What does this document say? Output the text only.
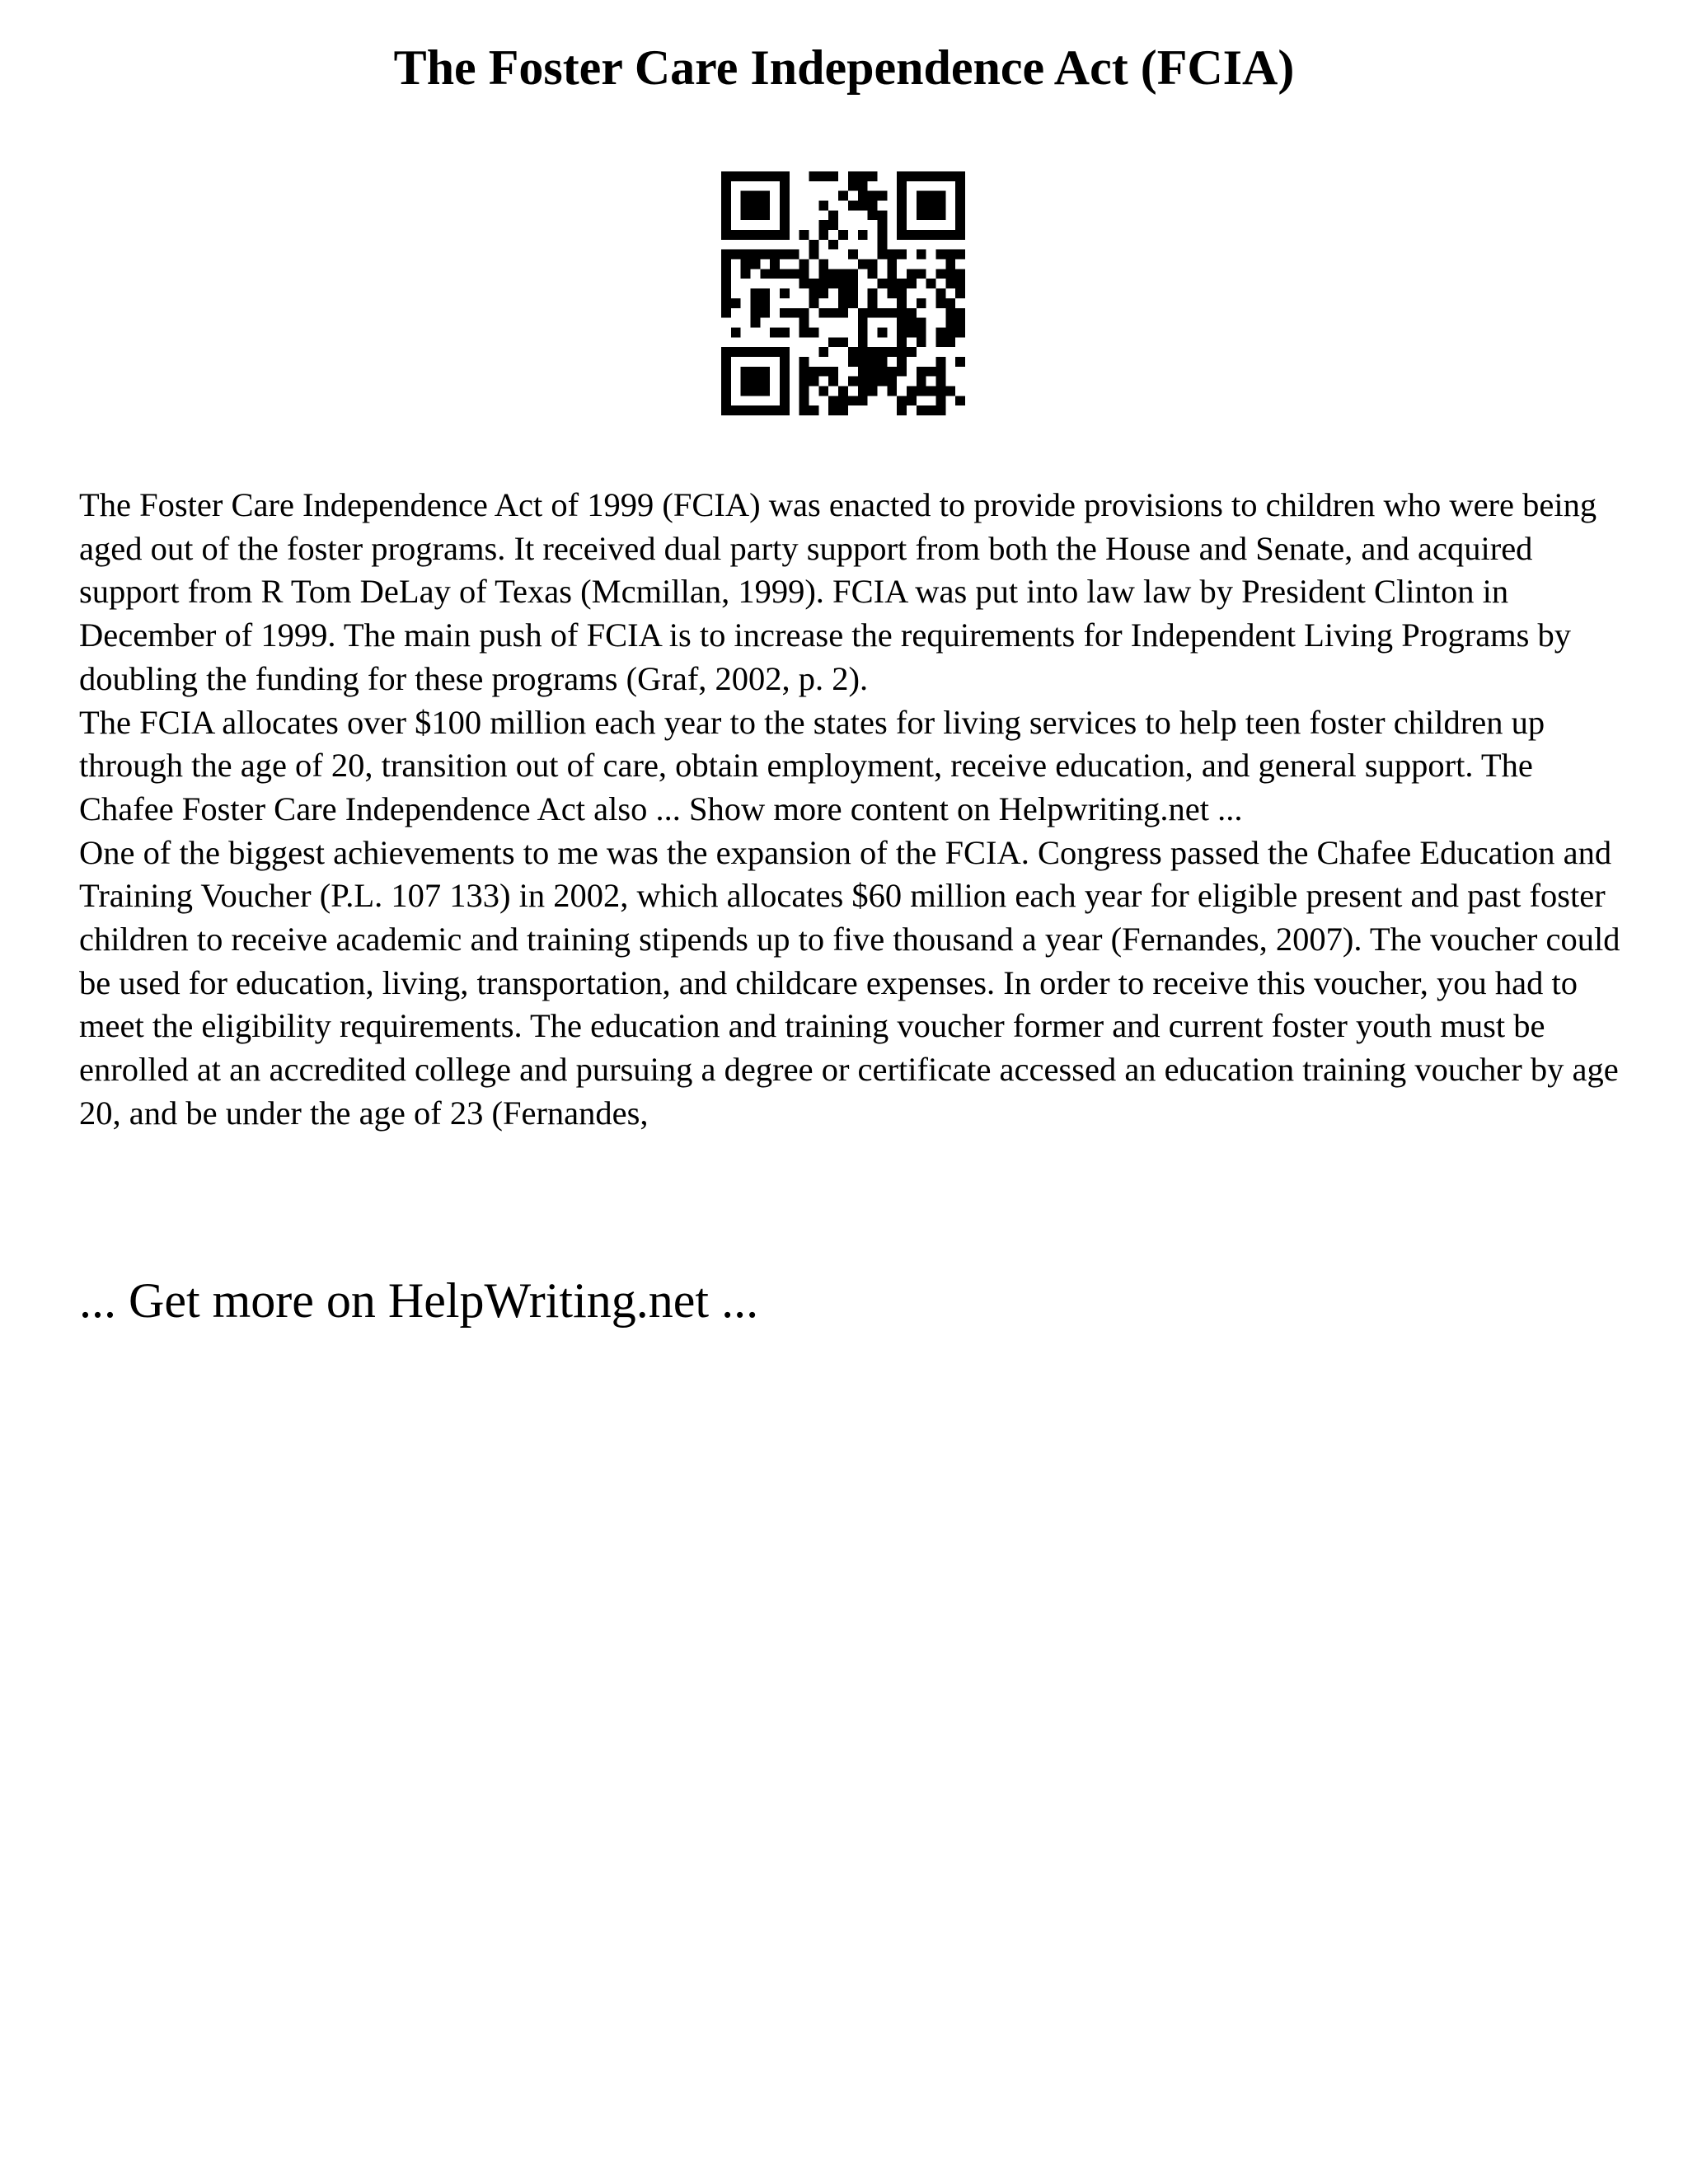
The Foster Care Independence Act (FCIA)

The Foster Care Independence Act of 1999 (FCIA) was enacted to provide provisions to children who were being aged out of the foster programs. It received dual party support from both the House and Senate, and acquired support from R Tom DeLay of Texas (Mcmillan, 1999). FCIA was put into law law by President Clinton in December of 1999. The main push of FCIA is to increase the requirements for Independent Living Programs by doubling the funding for these programs (Graf, 2002, p. 2).

The FCIA allocates over $100 million each year to the states for living services to help teen foster children up through the age of 20, transition out of care, obtain employment, receive education, and general support. The Chafee Foster Care Independence Act also ... Show more content on Helpwriting.net ...

One of the biggest achievements to me was the expansion of the FCIA. Congress passed the Chafee Education and Training Voucher (P.L. 107 133) in 2002, which allocates $60 million each year for eligible present and past foster children to receive academic and training stipends up to five thousand a year (Fernandes, 2007). The voucher could be used for education, living, transportation, and childcare expenses. In order to receive this voucher, you had to meet the eligibility requirements. The education and training voucher former and current foster youth must be enrolled at an accredited college and pursuing a degree or certificate accessed an education training voucher by age 20, and be under the age of 23 (Fernandes,

... Get more on HelpWriting.net ...
